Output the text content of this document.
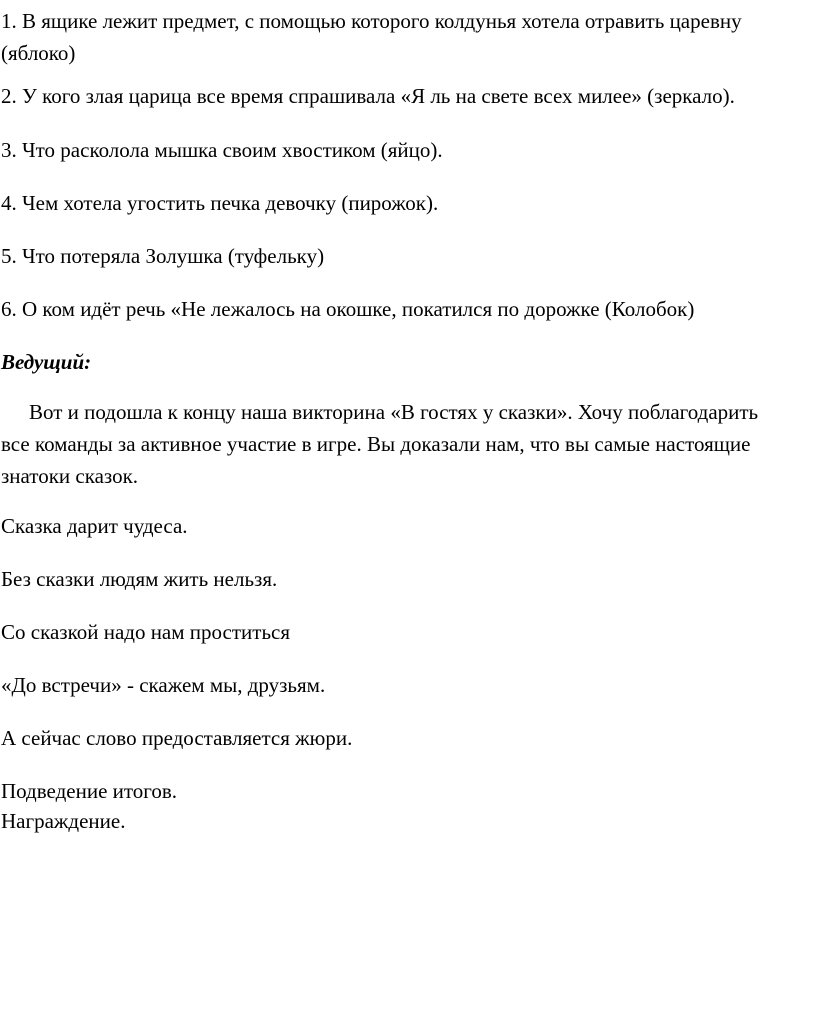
1. В ящике лежит предмет, с помощью которого колдунья хотела отравить царевну (яблоко)

2. У кого злая царица все время спрашивала «Я ль на свете всех милее» (зеркало).

3. Что расколола мышка своим хвостиком (яйцо).

4. Чем хотела угостить печка девочку (пирожок).

5. Что потеряла Золушка (туфельку)

6. О ком идёт речь «Не лежалось на окошке, покатился по дорожке (Колобок)

Ведущий:

Вот и подошла к концу наша викторина «В гостях у сказки». Хочу поблагодарить все команды за активное участие в игре. Вы доказали нам, что вы самые настоящие знатоки сказок.

Сказка дарит чудеса.

Без сказки людям жить нельзя.

Со сказкой надо нам проститься

«До встречи» - скажем мы, друзьям.

А сейчас слово предоставляется жюри.

Подведение итогов.

Награждение.
